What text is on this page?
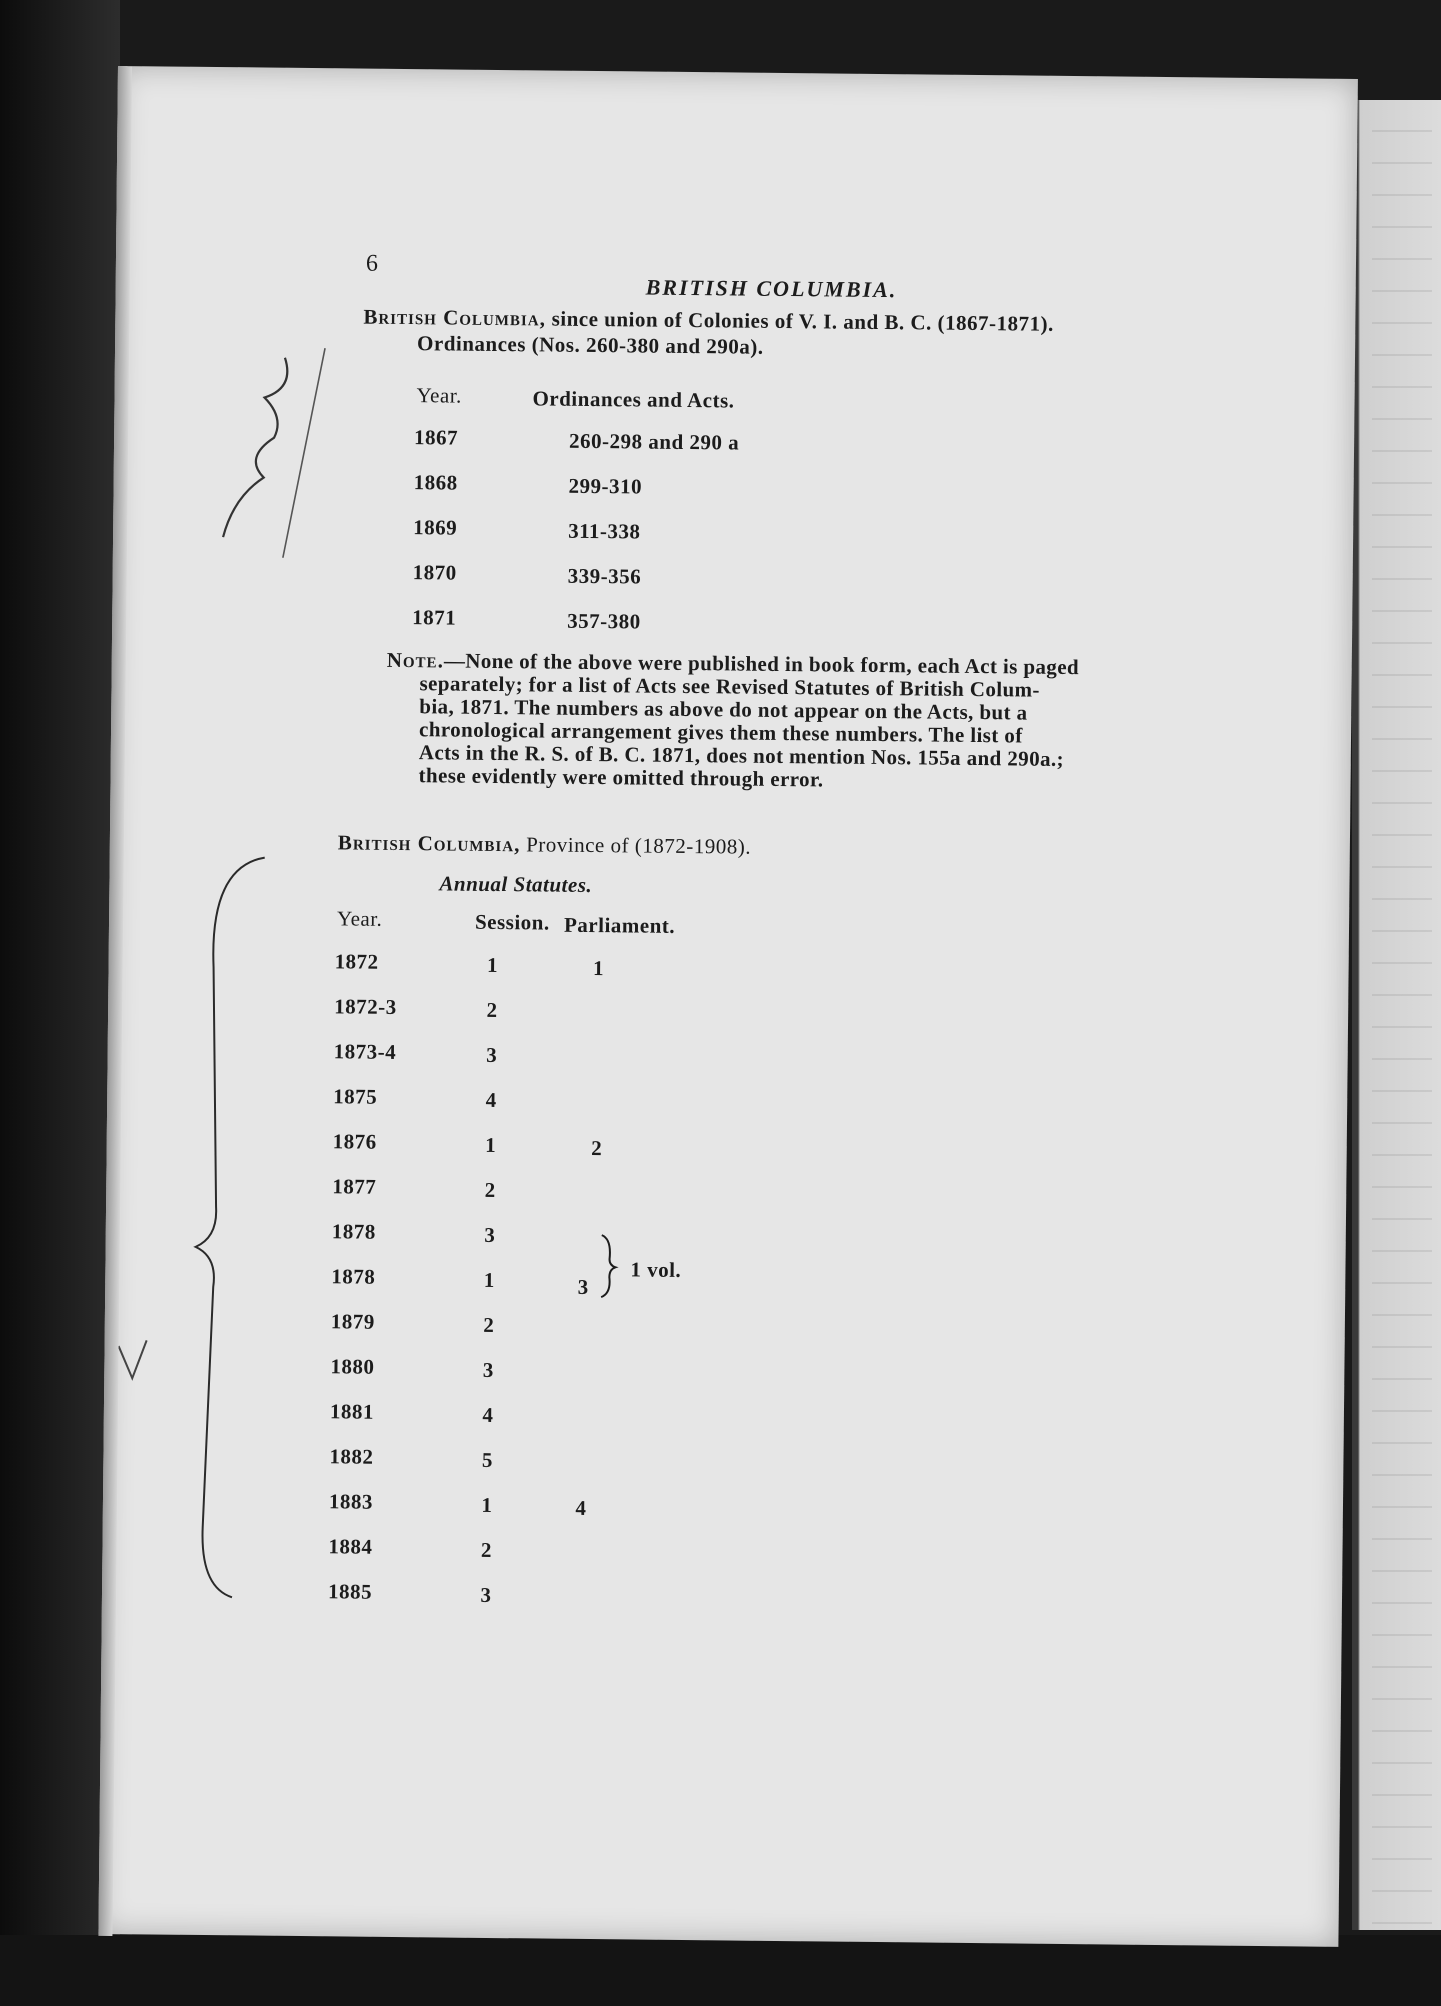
6
BRITISH COLUMBIA.
British Columbia, since union of Colonies of V. I. and B. C. (1867-1871).
Ordinances (Nos. 260-380 and 290a).
Year.	Ordinances and Acts.
1867	260-298 and 290 a
1868	299-310
1869	311-338
1870	339-356
1871	357-380
Note.—None of the above were published in book form, each Act is paged
separately; for a list of Acts see Revised Statutes of British Colum-
bia, 1871. The numbers as above do not appear on the Acts, but a
chronological arrangement gives them these numbers. The list of
Acts in the R. S. of B. C. 1871, does not mention Nos. 155a and 290a.;
these evidently were omitted through error.
British Columbia, Province of (1872-1908).
Annual Statutes.
Year.	Session. Parliament.
1872	1	1
1872-3	2
1873-4	3
1875	4
1876	1	2
1877	2
1878	3
1878	1	3
1879	2
1880	3
1881	4
1882	5
1883	1	4
1884	2
1885	3
1 vol.
